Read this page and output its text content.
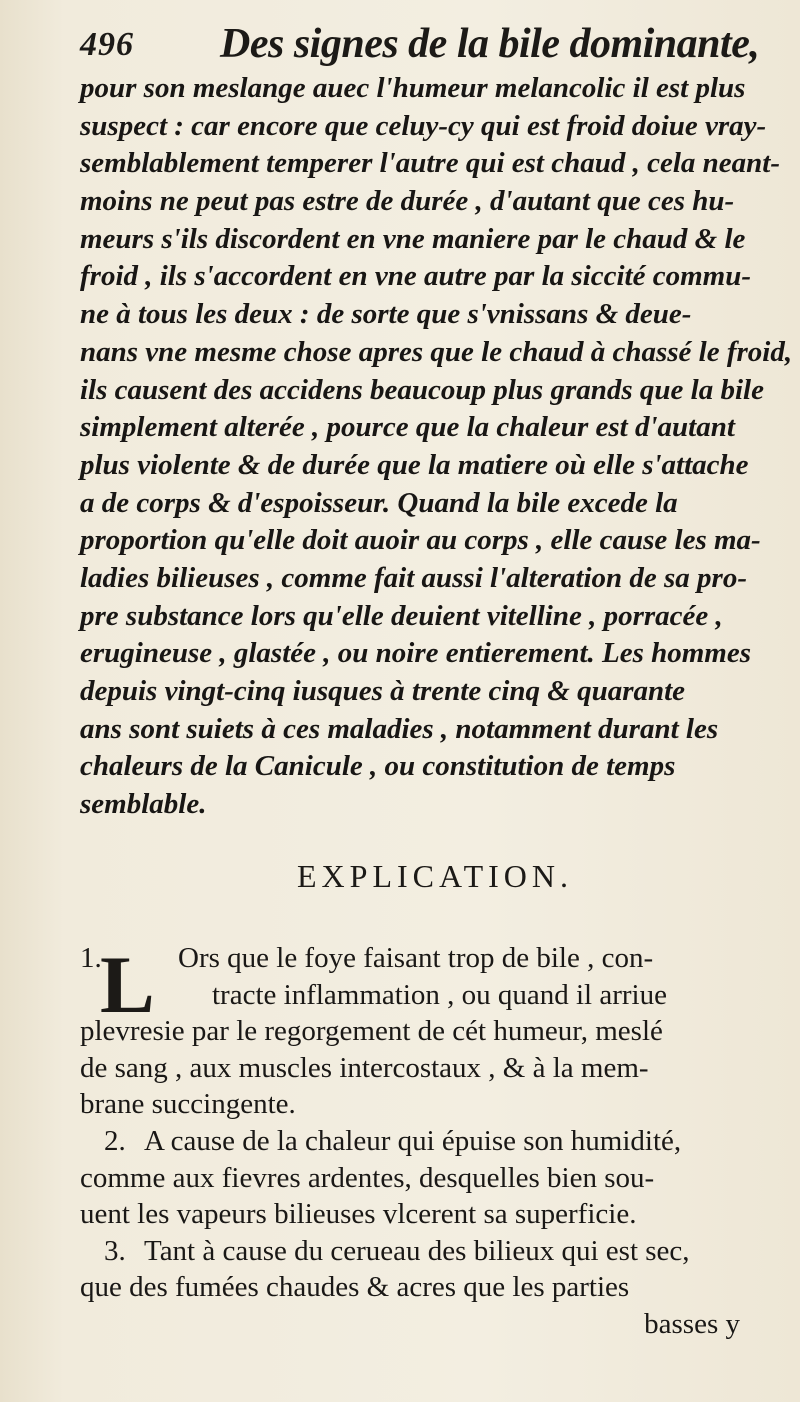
496 Des signes de la bile dominante,
pour son meslange auec l'humeur melancolic il est plus
suspect : car encore que celuy-cy qui est froid doiue vray-
semblablement temperer l'autre qui est chaud , cela neant-
moins ne peut pas estre de durée , d'autant que ces hu-
meurs s'ils discordent en vne maniere par le chaud & le
froid , ils s'accordent en vne autre par la siccité commu-
ne à tous les deux : de sorte que s'vnissans & deue-
nans vne mesme chose apres que le chaud à chassé le froid,
ils causent des accidens beaucoup plus grands que la bile
simplement alterée , pource que la chaleur est d'autant
plus violente & de durée que la matiere où elle s'attache
a de corps & d'espoisseur. Quand la bile excede la
proportion qu'elle doit auoir au corps , elle cause les ma-
ladies bilieuses , comme fait aussi l'alteration de sa pro-
pre substance lors qu'elle deuient vitelline , porracée ,
erugineuse , glastée , ou noire entierement. Les hommes
depuis vingt-cinq iusques à trente cinq & quarante
ans sont suiets à ces maladies , notamment durant les
chaleurs de la Canicule , ou constitution de temps
semblable.
EXPLICATION.
L
1.	Ors que le foye faisant trop de bile , con-
tracte inflammation , ou quand il arriue
plevresie par le regorgement de cét humeur, meslé
de sang , aux muscles intercostaux , & à la mem-
brane succingente.
2. A cause de la chaleur qui épuise son humidité,
comme aux fievres ardentes, desquelles bien sou-
uent les vapeurs bilieuses vlcerent sa superficie.
3. Tant à cause du cerueau des bilieux qui est sec,
que des fumées chaudes & acres que les parties
basses y
